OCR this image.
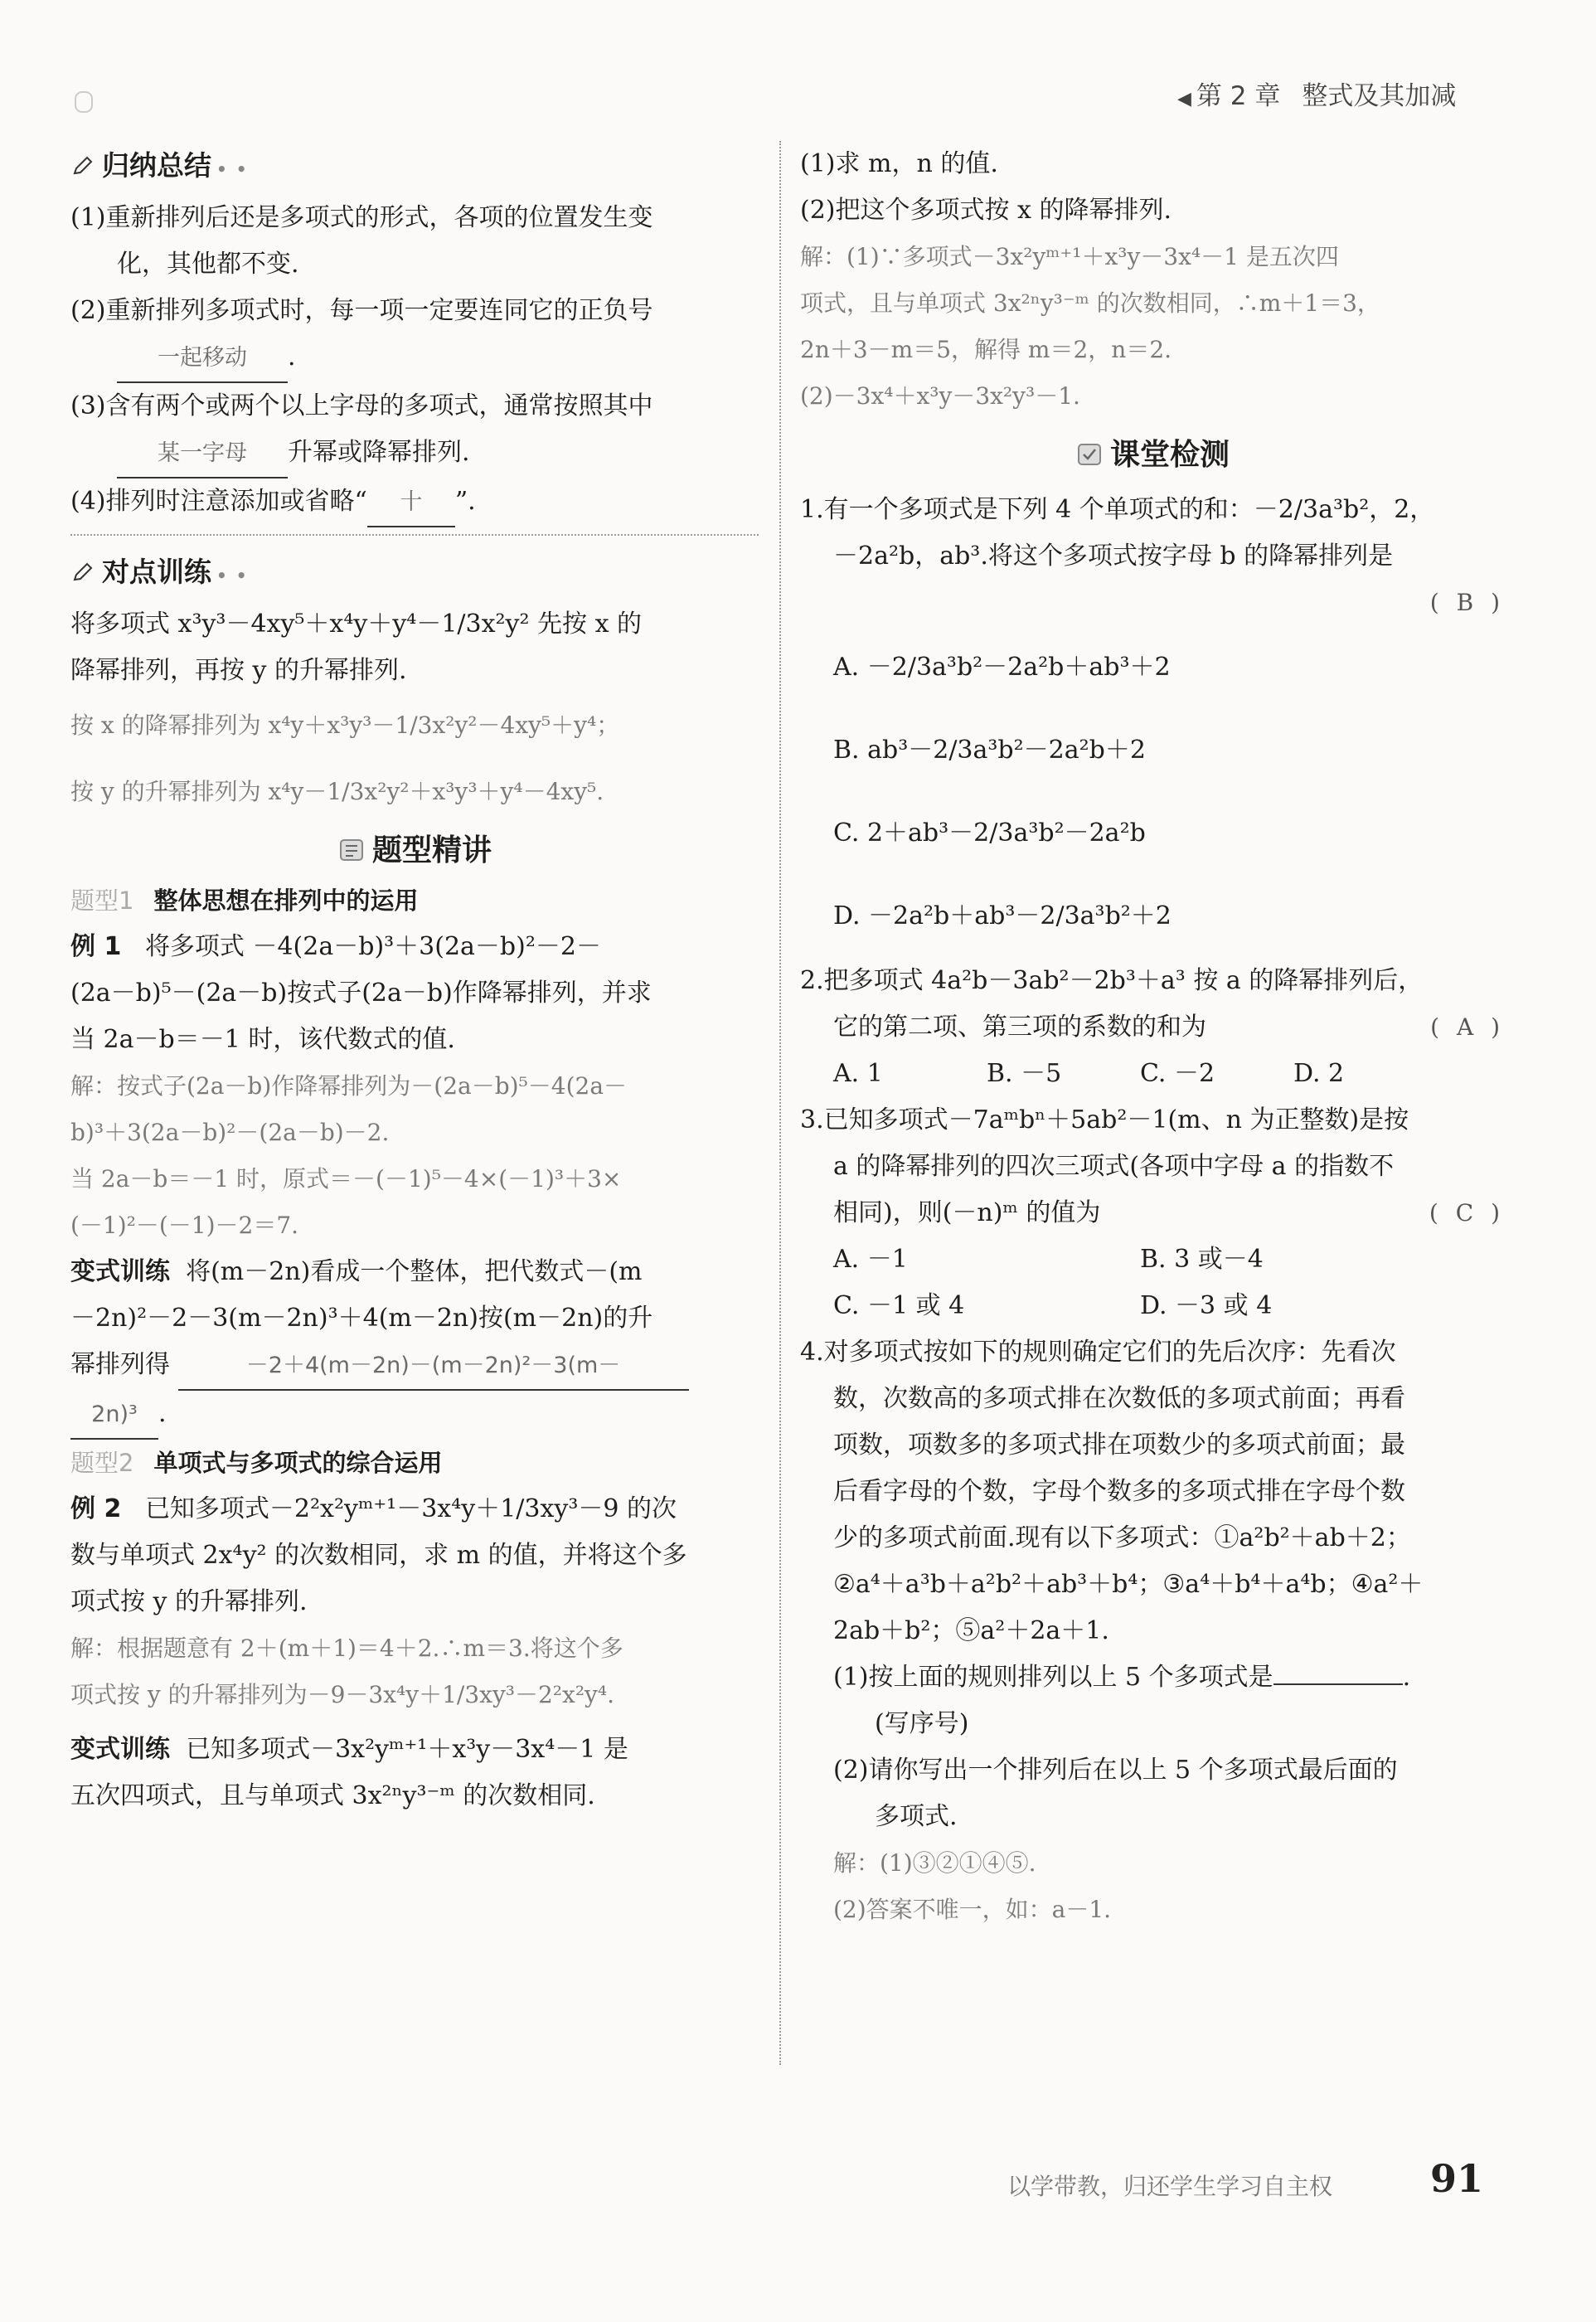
◀ 第 2 章 整式及其加减
归纳总结 • •
(1)重新排列后还是多项式的形式，各项的位置发生变
化，其他都不变.
(2)重新排列多项式时，每一项一定要连同它的正负号
一起移动 .
(3)含有两个或两个以上字母的多项式，通常按照其中
某一字母 升幂或降幂排列.
(4)排列时注意添加或省略“ 十 ”.
对点训练 • •
将多项式 x³y³－4xy⁵＋x⁴y＋y⁴－1/3x²y² 先按 x 的
降幂排列，再按 y 的升幂排列.
按 x 的降幂排列为 x⁴y＋x³y³－1/3x²y²－4xy⁵＋y⁴；
按 y 的升幂排列为 x⁴y－1/3x²y²＋x³y³＋y⁴－4xy⁵.
题型精讲
题型1 整体思想在排列中的运用
例 1 将多项式 －4(2a－b)³＋3(2a－b)²－2－
(2a－b)⁵－(2a－b)按式子(2a－b)作降幂排列，并求
当 2a－b＝－1 时，该代数式的值.
解：按式子(2a－b)作降幂排列为－(2a－b)⁵－4(2a－
b)³＋3(2a－b)²－(2a－b)－2.
当 2a－b＝－1 时，原式＝－(－1)⁵－4×(－1)³＋3×
(－1)²－(－1)－2＝7.
变式训练 将(m－2n)看成一个整体，把代数式－(m
－2n)²－2－3(m－2n)³＋4(m－2n)按(m－2n)的升
幂排列得	－2＋4(m－2n)－(m－2n)²－3(m－
2n)³ .
题型2 单项式与多项式的综合运用
例 2 已知多项式－2²x²yᵐ⁺¹－3x⁴y＋1/3xy³－9 的次
数与单项式 2x⁴y² 的次数相同，求 m 的值，并将这个多
项式按 y 的升幂排列.
解：根据题意有 2＋(m＋1)＝4＋2.∴m＝3.将这个多
项式按 y 的升幂排列为－9－3x⁴y＋1/3xy³－2²x²y⁴.
变式训练 已知多项式－3x²yᵐ⁺¹＋x³y－3x⁴－1 是
五次四项式，且与单项式 3x²ⁿy³⁻ᵐ 的次数相同.
(1)求 m，n 的值.
(2)把这个多项式按 x 的降幂排列.
解：(1)∵多项式－3x²yᵐ⁺¹＋x³y－3x⁴－1 是五次四
项式，且与单项式 3x²ⁿy³⁻ᵐ 的次数相同，∴m＋1＝3，
2n＋3－m＝5，解得 m＝2，n＝2.
(2)－3x⁴＋x³y－3x²y³－1.
课堂检测
1.有一个多项式是下列 4 个单项式的和：－2/3a³b²，2，
－2a²b，ab³.将这个多项式按字母 b 的降幂排列是
( B )

A. －2/3a³b²－2a²b＋ab³＋2
B. ab³－2/3a³b²－2a²b＋2
C. 2＋ab³－2/3a³b²－2a²b
D. －2a²b＋ab³－2/3a³b²＋2
2.把多项式 4a²b－3ab²－2b³＋a³ 按 a 的降幂排列后，
它的第二项、第三项的系数的和为	( A )
A. 1	B. －5	C. －2	D. 2
3.已知多项式－7aᵐbⁿ＋5ab²－1(m、n 为正整数)是按
a 的降幂排列的四次三项式(各项中字母 a 的指数不
相同)，则(－n)ᵐ 的值为	( C )
A. －1	B. 3 或－4
C. －1 或 4	D. －3 或 4
4.对多项式按如下的规则确定它们的先后次序：先看次
数，次数高的多项式排在次数低的多项式前面；再看
项数，项数多的多项式排在项数少的多项式前面；最
后看字母的个数，字母个数多的多项式排在字母个数
少的多项式前面.现有以下多项式：①a²b²＋ab＋2；
②a⁴＋a³b＋a²b²＋ab³＋b⁴；③a⁴＋b⁴＋a⁴b；④a²＋
2ab＋b²；⑤a²＋2a＋1.
(1)按上面的规则排列以上 5 个多项式是	.
(写序号)
(2)请你写出一个排列后在以上 5 个多项式最后面的
多项式.
解：(1)③②①④⑤.
(2)答案不唯一，如：a－1.
以学带教，归还学生学习自主权	91
